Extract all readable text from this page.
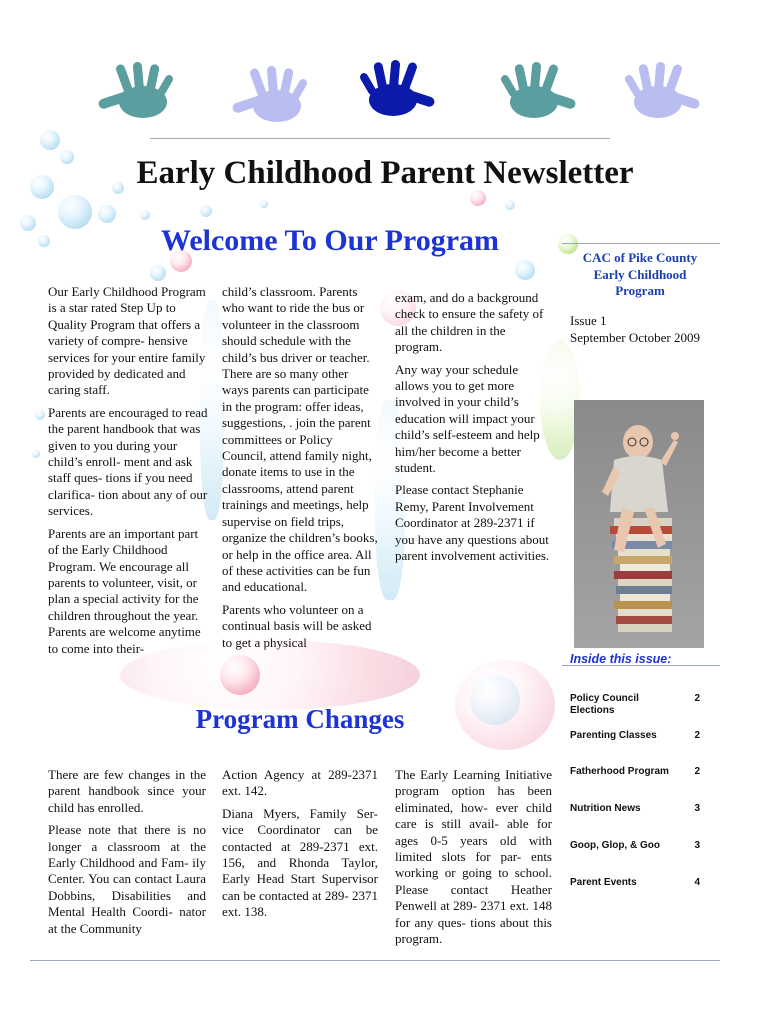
Early Childhood Parent Newsletter
Welcome To Our Program

Our Early Childhood Program is a star rated Step Up to Quality Program that offers a variety of compre- hensive services for your entire family provided by dedicated and caring staff.

Parents are encouraged to read the parent handbook that was given to you during your child’s enroll- ment and ask staff ques- tions if you need clarifica- tion about any of our services.

Parents are an important part of the Early Childhood Program. We encourage all parents to volunteer, visit, or plan a special activity for the children throughout the year. Parents are welcome anytime to come into their-

child’s classroom. Parents who want to ride the bus or volunteer in the classroom should schedule with the child’s bus driver or teacher. There are so many other ways parents can participate in the program: offer ideas, suggestions, . join the parent committees or Policy Council, attend family night, donate items to use in the classrooms, attend parent trainings and meetings, help supervise on field trips, organize the children’s books, or help in the office area. All of these activities can be fun and educational.

Parents who volunteer on a continual basis will be asked to get a physical

exam, and do a background check to ensure the safety of all the children in the program.

Any way your schedule allows you to get more involved in your child’s education will impact your child’s self-esteem and help him/her become a better student.

Please contact Stephanie Remy, Parent Involvement Coordinator at 289-2371 if you have any questions about parent involvement activities.

CAC of Pike County
Early Childhood
Program
Issue 1
September October 2009
Inside this issue:
Policy Council Elections
2
Parenting Classes	2
Fatherhood Program	2
Nutrition News	3
Goop, Glop, & Goo	3
Parent Events	4
Program Changes

There are few changes in the parent handbook since your child has enrolled.

Please note that there is no longer a classroom at the Early Childhood and Fam- ily Center. You can contact Laura Dobbins, Disabilities and Mental Health Coordi- nator at the Community

Action Agency at 289-2371 ext. 142.

Diana Myers, Family Ser- vice Coordinator can be contacted at 289-2371 ext. 156, and Rhonda Taylor, Early Head Start Supervisor can be contacted at 289- 2371 ext. 138.

The Early Learning Initiative program option has been eliminated, how- ever child care is still avail- able for ages 0-5 years old with limited slots for par- ents working or going to school. Please contact Heather Penwell at 289- 2371 ext. 148 for any ques- tions about this program.
